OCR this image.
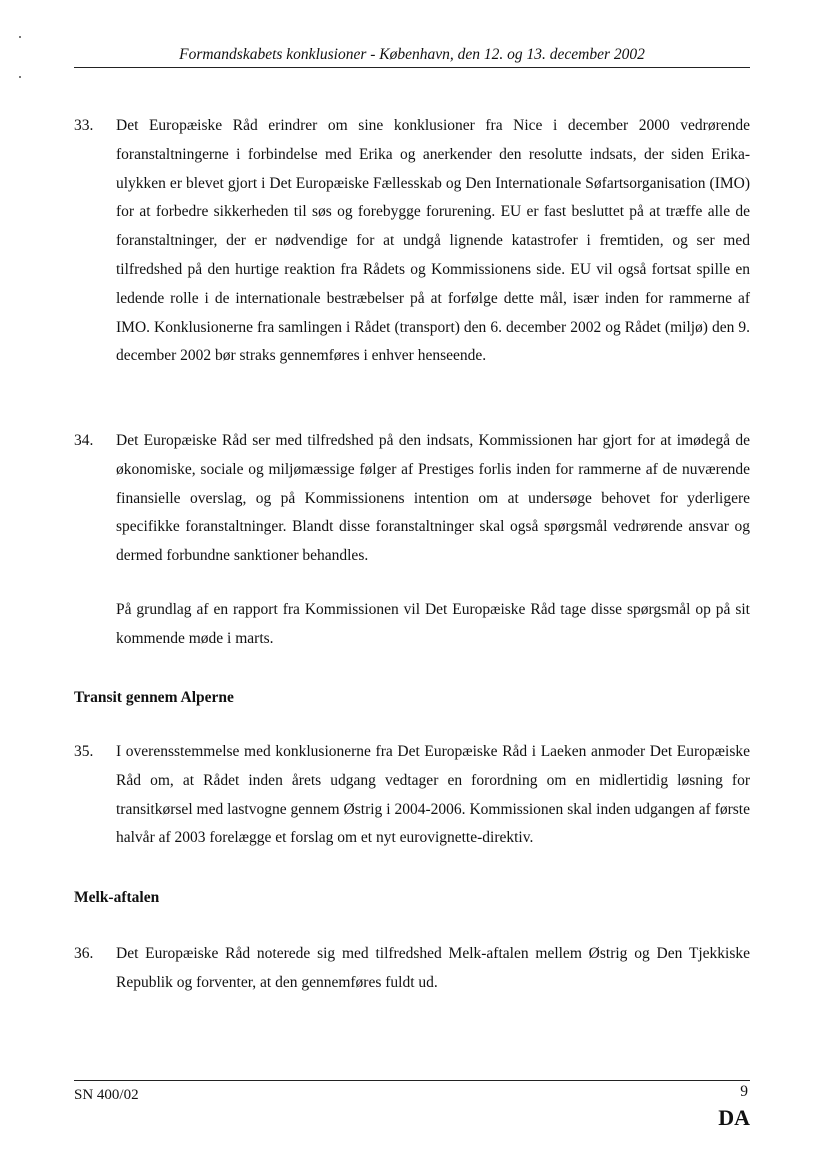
Formandskabets konklusioner - København, den 12. og 13. december 2002
33. Det Europæiske Råd erindrer om sine konklusioner fra Nice i december 2000 vedrørende foranstaltningerne i forbindelse med Erika og anerkender den resolutte indsats, der siden Erika-ulykken er blevet gjort i Det Europæiske Fællesskab og Den Internationale Søfartsorganisation (IMO) for at forbedre sikkerheden til søs og forebygge forurening. EU er fast besluttet på at træffe alle de foranstaltninger, der er nødvendige for at undgå lignende katastrofer i fremtiden, og ser med tilfredshed på den hurtige reaktion fra Rådets og Kommissionens side. EU vil også fortsat spille en ledende rolle i de internationale bestræbelser på at forfølge dette mål, især inden for rammerne af IMO. Konklusionerne fra samlingen i Rådet (transport) den 6. december 2002 og Rådet (miljø) den 9. december 2002 bør straks gennemføres i enhver henseende.
34. Det Europæiske Råd ser med tilfredshed på den indsats, Kommissionen har gjort for at imødegå de økonomiske, sociale og miljømæssige følger af Prestiges forlis inden for rammerne af de nuværende finansielle overslag, og på Kommissionens intention om at undersøge behovet for yderligere specifikke foranstaltninger. Blandt disse foranstaltninger skal også spørgsmål vedrørende ansvar og dermed forbundne sanktioner behandles.
På grundlag af en rapport fra Kommissionen vil Det Europæiske Råd tage disse spørgsmål op på sit kommende møde i marts.
Transit gennem Alperne
35. I overensstemmelse med konklusionerne fra Det Europæiske Råd i Laeken anmoder Det Europæiske Råd om, at Rådet inden årets udgang vedtager en forordning om en midlertidig løsning for transitkørsel med lastvogne gennem Østrig i 2004-2006. Kommissionen skal inden udgangen af første halvår af 2003 forelægge et forslag om et nyt eurovignette-direktiv.
Melk-aftalen
36. Det Europæiske Råd noterede sig med tilfredshed Melk-aftalen mellem Østrig og Den Tjekkiske Republik og forventer, at den gennemføres fuldt ud.
SN 400/02	9
DA
